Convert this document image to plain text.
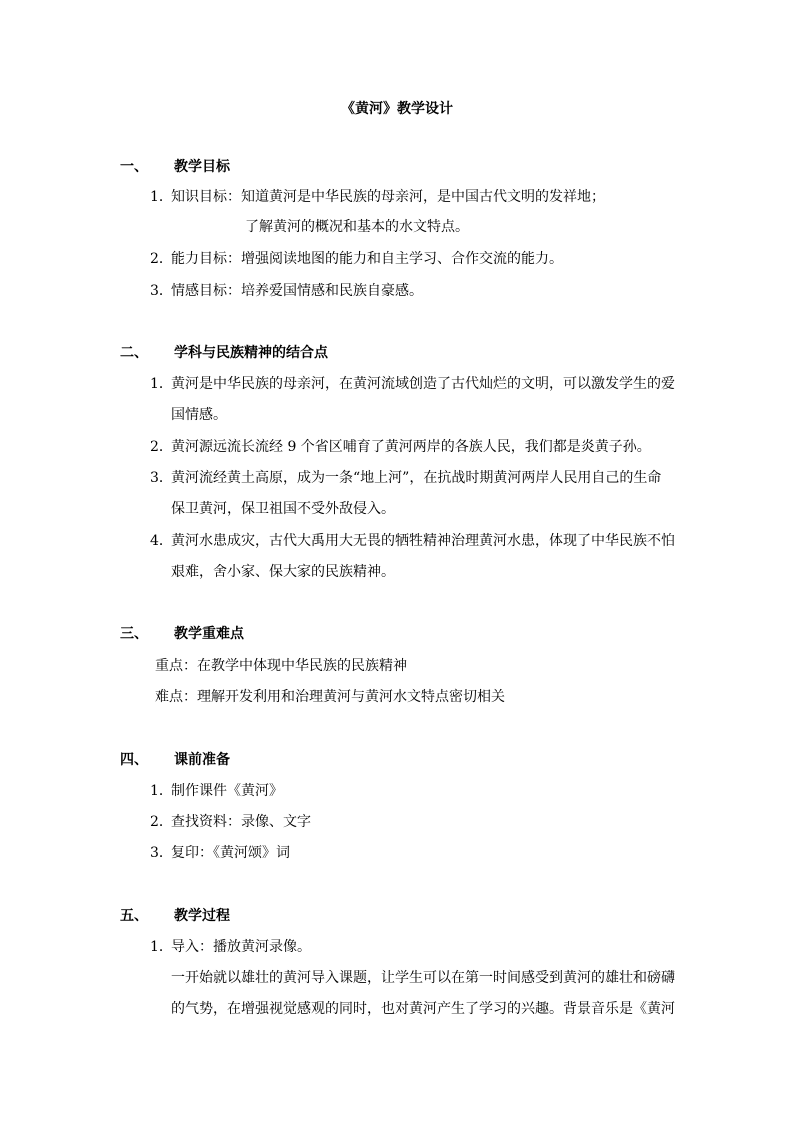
《黄河》教学设计
一、 教学目标
1．知识目标：知道黄河是中华民族的母亲河，是中国古代文明的发祥地；
了解黄河的概况和基本的水文特点。
2．能力目标：增强阅读地图的能力和自主学习、合作交流的能力。
3．情感目标：培养爱国情感和民族自豪感。
二、 学科与民族精神的结合点
1．黄河是中华民族的母亲河，在黄河流域创造了古代灿烂的文明，可以激发学生的爱
国情感。
2．黄河源远流长流经 9 个省区哺育了黄河两岸的各族人民，我们都是炎黄子孙。
3．黄河流经黄土高原，成为一条“地上河”，在抗战时期黄河两岸人民用自己的生命
保卫黄河，保卫祖国不受外敌侵入。
4．黄河水患成灾，古代大禹用大无畏的牺牲精神治理黄河水患，体现了中华民族不怕
艰难，舍小家、保大家的民族精神。
三、 教学重难点
重点：在教学中体现中华民族的民族精神
难点：理解开发利用和治理黄河与黄河水文特点密切相关
四、 课前准备
1．制作课件《黄河》
2．查找资料：录像、文字
3．复印：《黄河颂》词
五、 教学过程
1．导入：播放黄河录像。
一开始就以雄壮的黄河导入课题，让学生可以在第一时间感受到黄河的雄壮和磅礴
的气势，在增强视觉感观的同时，也对黄河产生了学习的兴趣。背景音乐是《黄河
